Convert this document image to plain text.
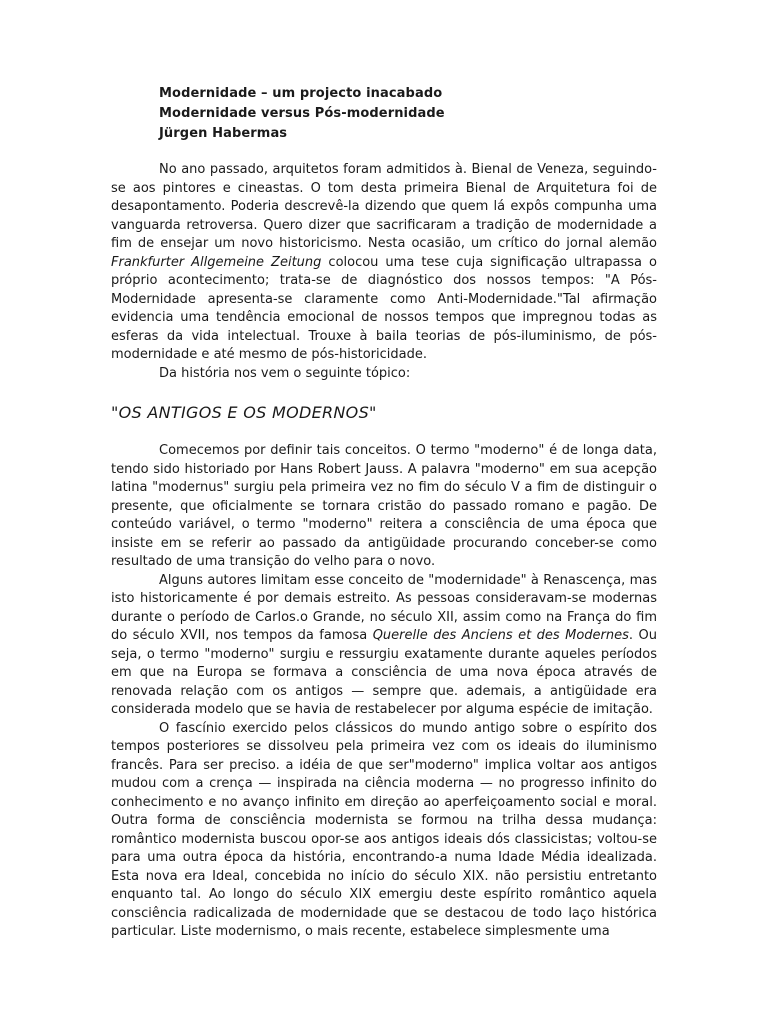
Modernidade – um projecto inacabado
Modernidade versus Pós-modernidade
Jürgen Habermas

No ano passado, arquitetos foram admitidos à. Bienal de Veneza, seguindo-se aos pintores e cineastas. O tom desta primeira Bienal de Arquitetura foi de desapontamento. Poderia descrevê-la dizendo que quem lá expôs compunha uma vanguarda retroversa. Quero dizer que sacrificaram a tradição de modernidade a fim de ensejar um novo historicismo. Nesta ocasião, um crítico do jornal alemão Frankfurter Allgemeine Zeitung colocou uma tese cuja significação ultrapassa o próprio acontecimento; trata-se de diagnóstico dos nossos tempos: "A Pós-Modernidade apresenta-se claramente como Anti-Modernidade."Tal afirmação evidencia uma tendência emocional de nossos tempos que impregnou todas as esferas da vida intelectual. Trouxe à baila teorias de pós-iluminismo, de pós-modernidade e até mesmo de pós-historicidade.

Da história nos vem o seguinte tópico:

"OS ANTIGOS E OS MODERNOS"

Comecemos por definir tais conceitos. O termo "moderno" é de longa data, tendo sido historiado por Hans Robert Jauss. A palavra "moderno" em sua acepção latina "modernus" surgiu pela primeira vez no fim do século V a fim de distinguir o presente, que oficialmente se tornara cristão do passado romano e pagão. De conteúdo variável, o termo "moderno" reitera a consciência de uma época que insiste em se referir ao passado da antigüidade procurando conceber-se como resultado de uma transição do velho para o novo.

Alguns autores limitam esse conceito de "modernidade" à Renascença, mas isto historicamente é por demais estreito. As pessoas consideravam-se modernas durante o período de Carlos.o Grande, no século XII, assim como na França do fim do século XVII, nos tempos da famosa Querelle des Anciens et des Modernes. Ou seja, o termo "moderno" surgiu e ressurgiu exatamente durante aqueles períodos em que na Europa se formava a consciência de uma nova época através de renovada relação com os antigos — sempre que. ademais, a antigüidade era considerada modelo que se havia de restabelecer por alguma espécie de imitação.

O fascínio exercido pelos clássicos do mundo antigo sobre o espírito dos tempos posteriores se dissolveu pela primeira vez com os ideais do iluminismo francês. Para ser preciso. a idéia de que ser"moderno" implica voltar aos antigos mudou com a crença — inspirada na ciência moderna — no progresso infinito do conhecimento e no avanço infinito em direção ao aperfeiçoamento social e moral. Outra forma de consciência modernista se formou na trilha dessa mudança: romântico modernista buscou opor-se aos antigos ideais dós classicistas; voltou-se para uma outra época da história, encontrando-a numa Idade Média idealizada. Esta nova era Ideal, concebida no início do século XIX. não persistiu entretanto enquanto tal. Ao longo do século XIX emergiu deste espírito romântico aquela consciência radicalizada de modernidade que se destacou de todo laço histórica particular. Liste modernismo, o mais recente, estabelece simplesmente uma
